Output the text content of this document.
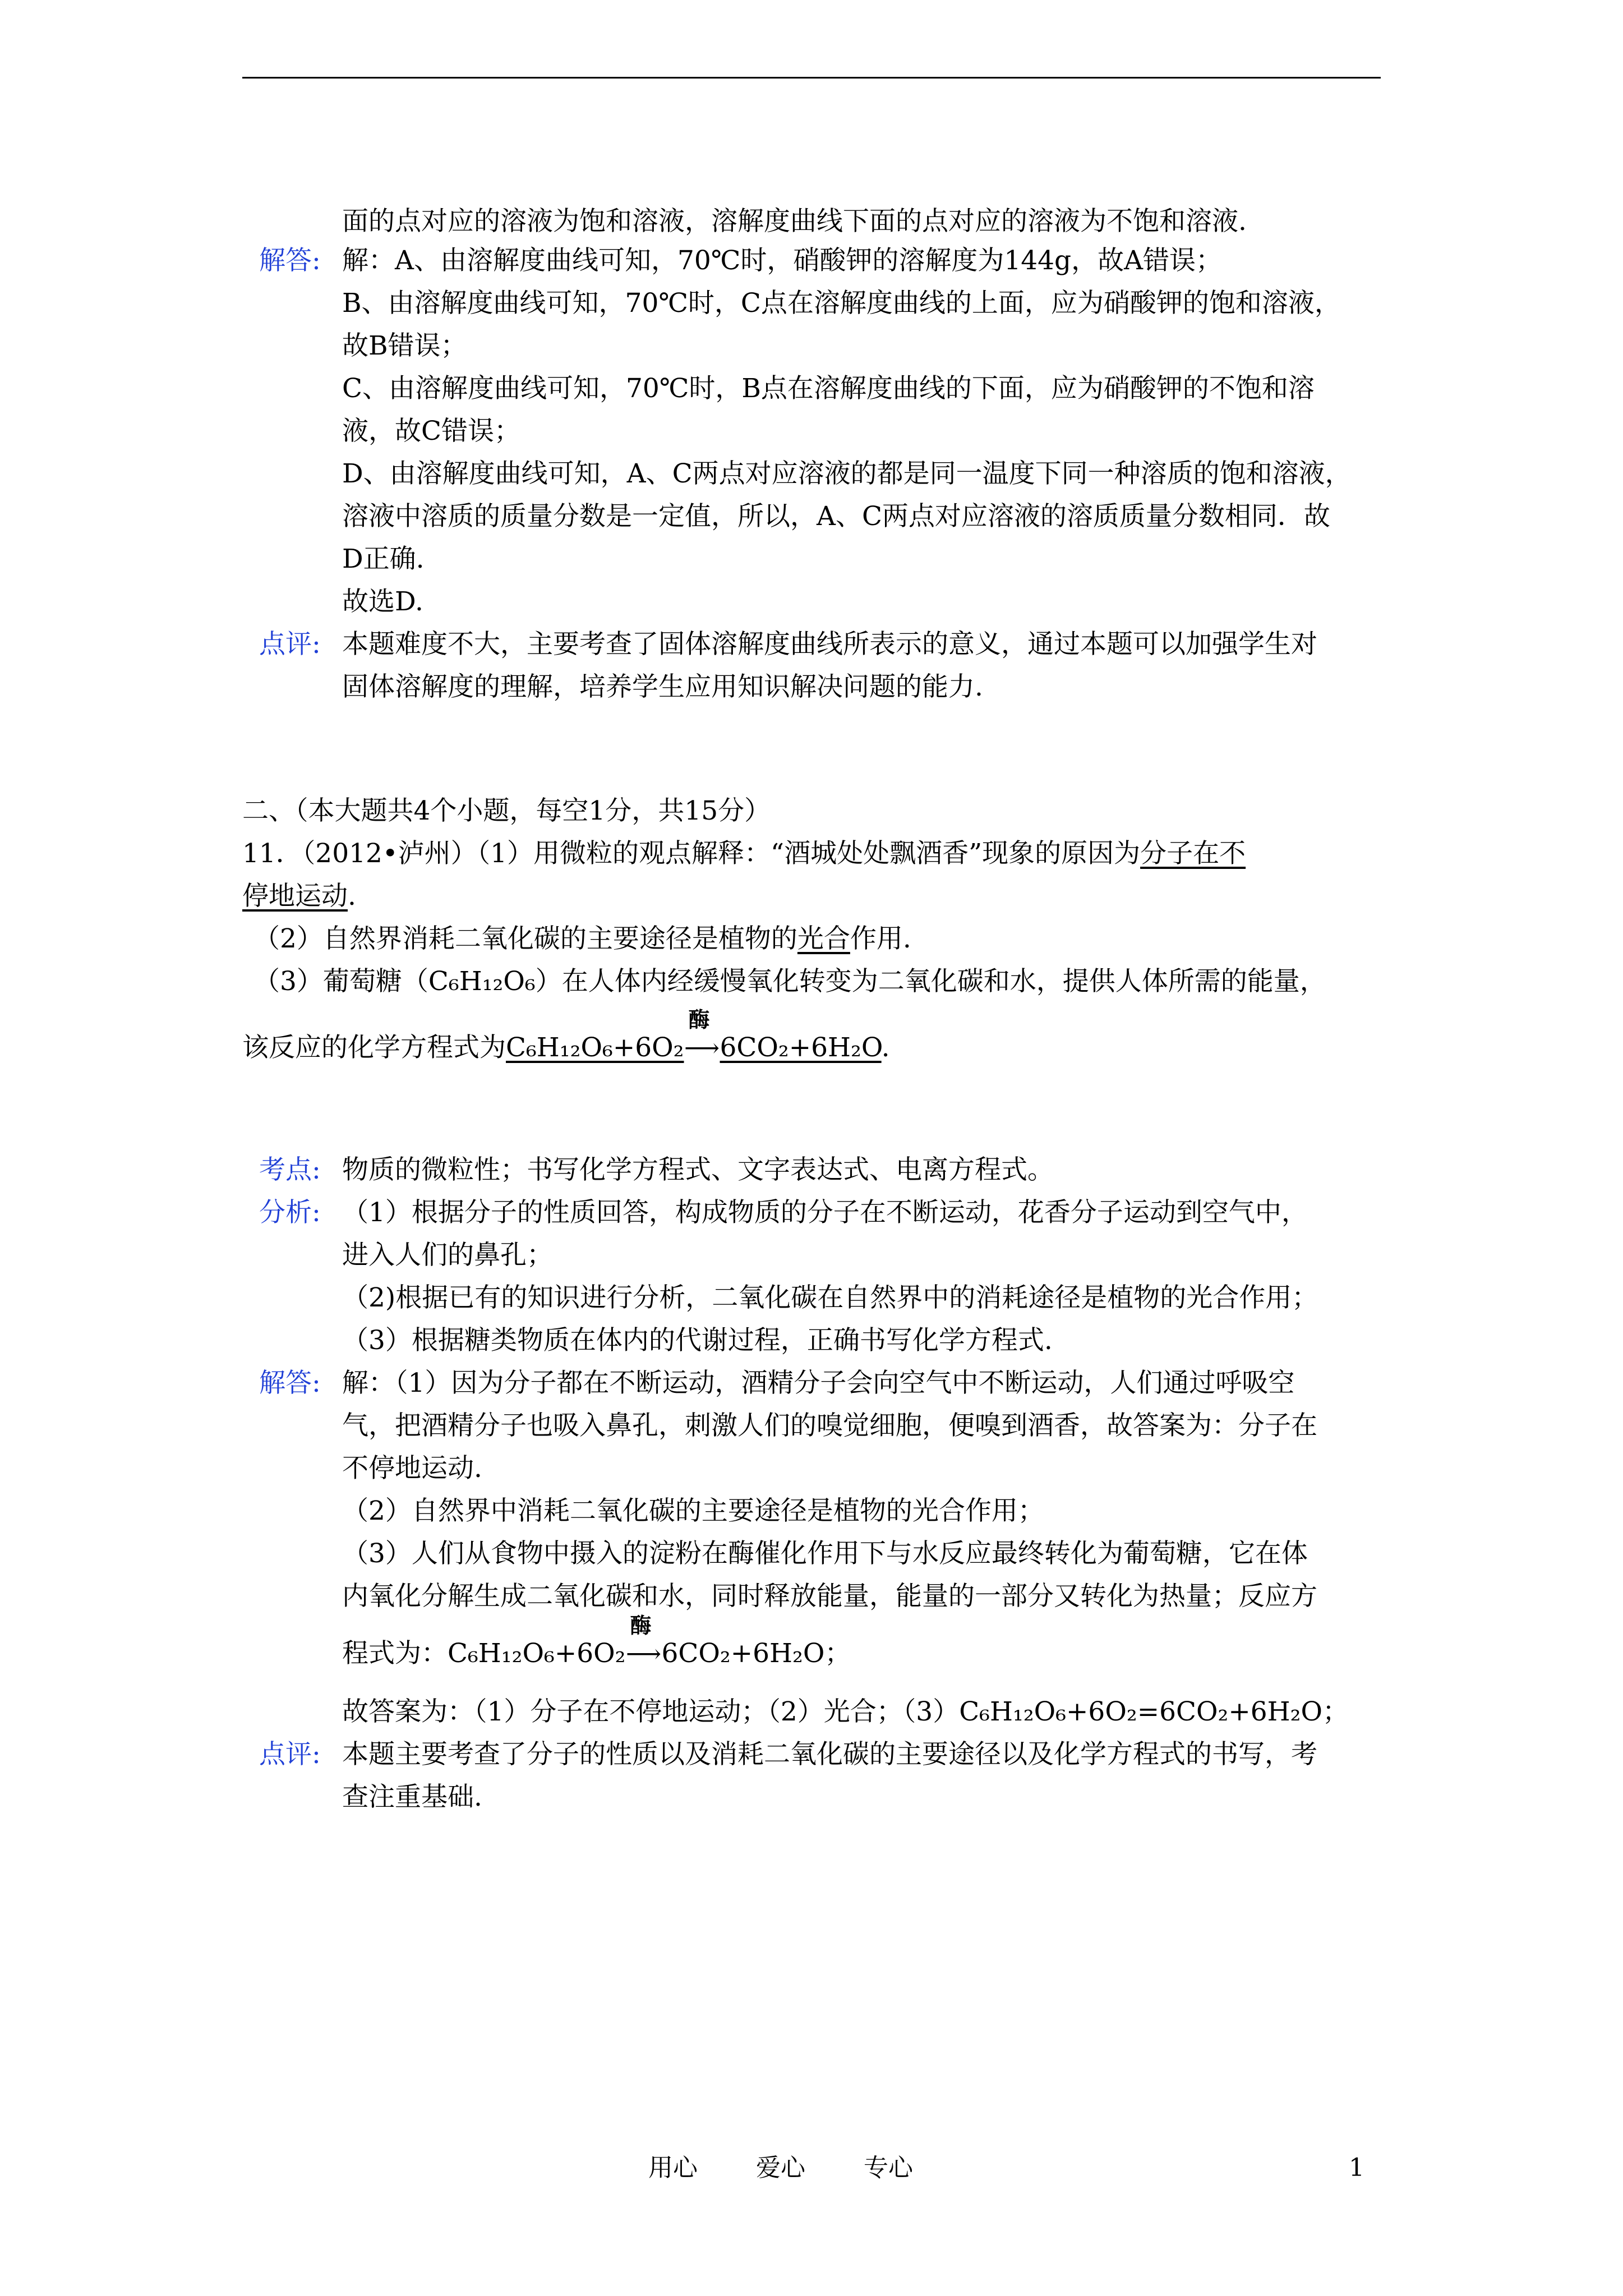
面的点对应的溶液为饱和溶液，溶解度曲线下面的点对应的溶液为不饱和溶液.
解答: 解：A、由溶解度曲线可知，70℃时，硝酸钾的溶解度为144g，故A错误；
B、由溶解度曲线可知，70℃时，C点在溶解度曲线的上面，应为硝酸钾的饱和溶液，
故B错误；
C、由溶解度曲线可知，70℃时，B点在溶解度曲线的下面，应为硝酸钾的不饱和溶
液，故C错误；
D、由溶解度曲线可知，A、C两点对应溶液的都是同一温度下同一种溶质的饱和溶液，
溶液中溶质的质量分数是一定值，所以，A、C两点对应溶液的溶质质量分数相同．故
D正确.
故选D.
点评: 本题难度不大，主要考查了固体溶解度曲线所表示的意义，通过本题可以加强学生对
固体溶解度的理解，培养学生应用知识解决问题的能力.
二、（本大题共4个小题，每空1分，共15分）
11．（2012•泸州）（1）用微粒的观点解释：“酒城处处飘酒香”现象的原因为分子在不
停地运动.
（2）自然界消耗二氧化碳的主要途径是植物的光合作用.
（3）葡萄糖（C₆H₁₂O₆）在人体内经缓慢氧化转变为二氧化碳和水，提供人体所需的能量，
该反应的化学方程式为C₆H₁₂O₆+6O₂
酶
⟶6CO₂+6H₂O.
考点: 物质的微粒性；书写化学方程式、文字表达式、电离方程式。
分析: （1）根据分子的性质回答，构成物质的分子在不断运动，花香分子运动到空气中，
进入人们的鼻孔；
（2)根据已有的知识进行分析，二氧化碳在自然界中的消耗途径是植物的光合作用；
（3）根据糖类物质在体内的代谢过程，正确书写化学方程式.
解答: 解：（1）因为分子都在不断运动，酒精分子会向空气中不断运动，人们通过呼吸空
气，把酒精分子也吸入鼻孔，刺激人们的嗅觉细胞，便嗅到酒香，故答案为：分子在
不停地运动.
（2）自然界中消耗二氧化碳的主要途径是植物的光合作用；
（3）人们从食物中摄入的淀粉在酶催化作用下与水反应最终转化为葡萄糖，它在体
内氧化分解生成二氧化碳和水，同时释放能量，能量的一部分又转化为热量；反应方
程式为：C₆H₁₂O₆+6O₂
酶
⟶6CO₂+6H₂O；
故答案为：（1）分子在不停地运动；（2）光合；（3）C₆H₁₂O₆+6O₂=6CO₂+6H₂O；
点评: 本题主要考查了分子的性质以及消耗二氧化碳的主要途径以及化学方程式的书写，考
查注重基础.
用心 爱心 专心	1
